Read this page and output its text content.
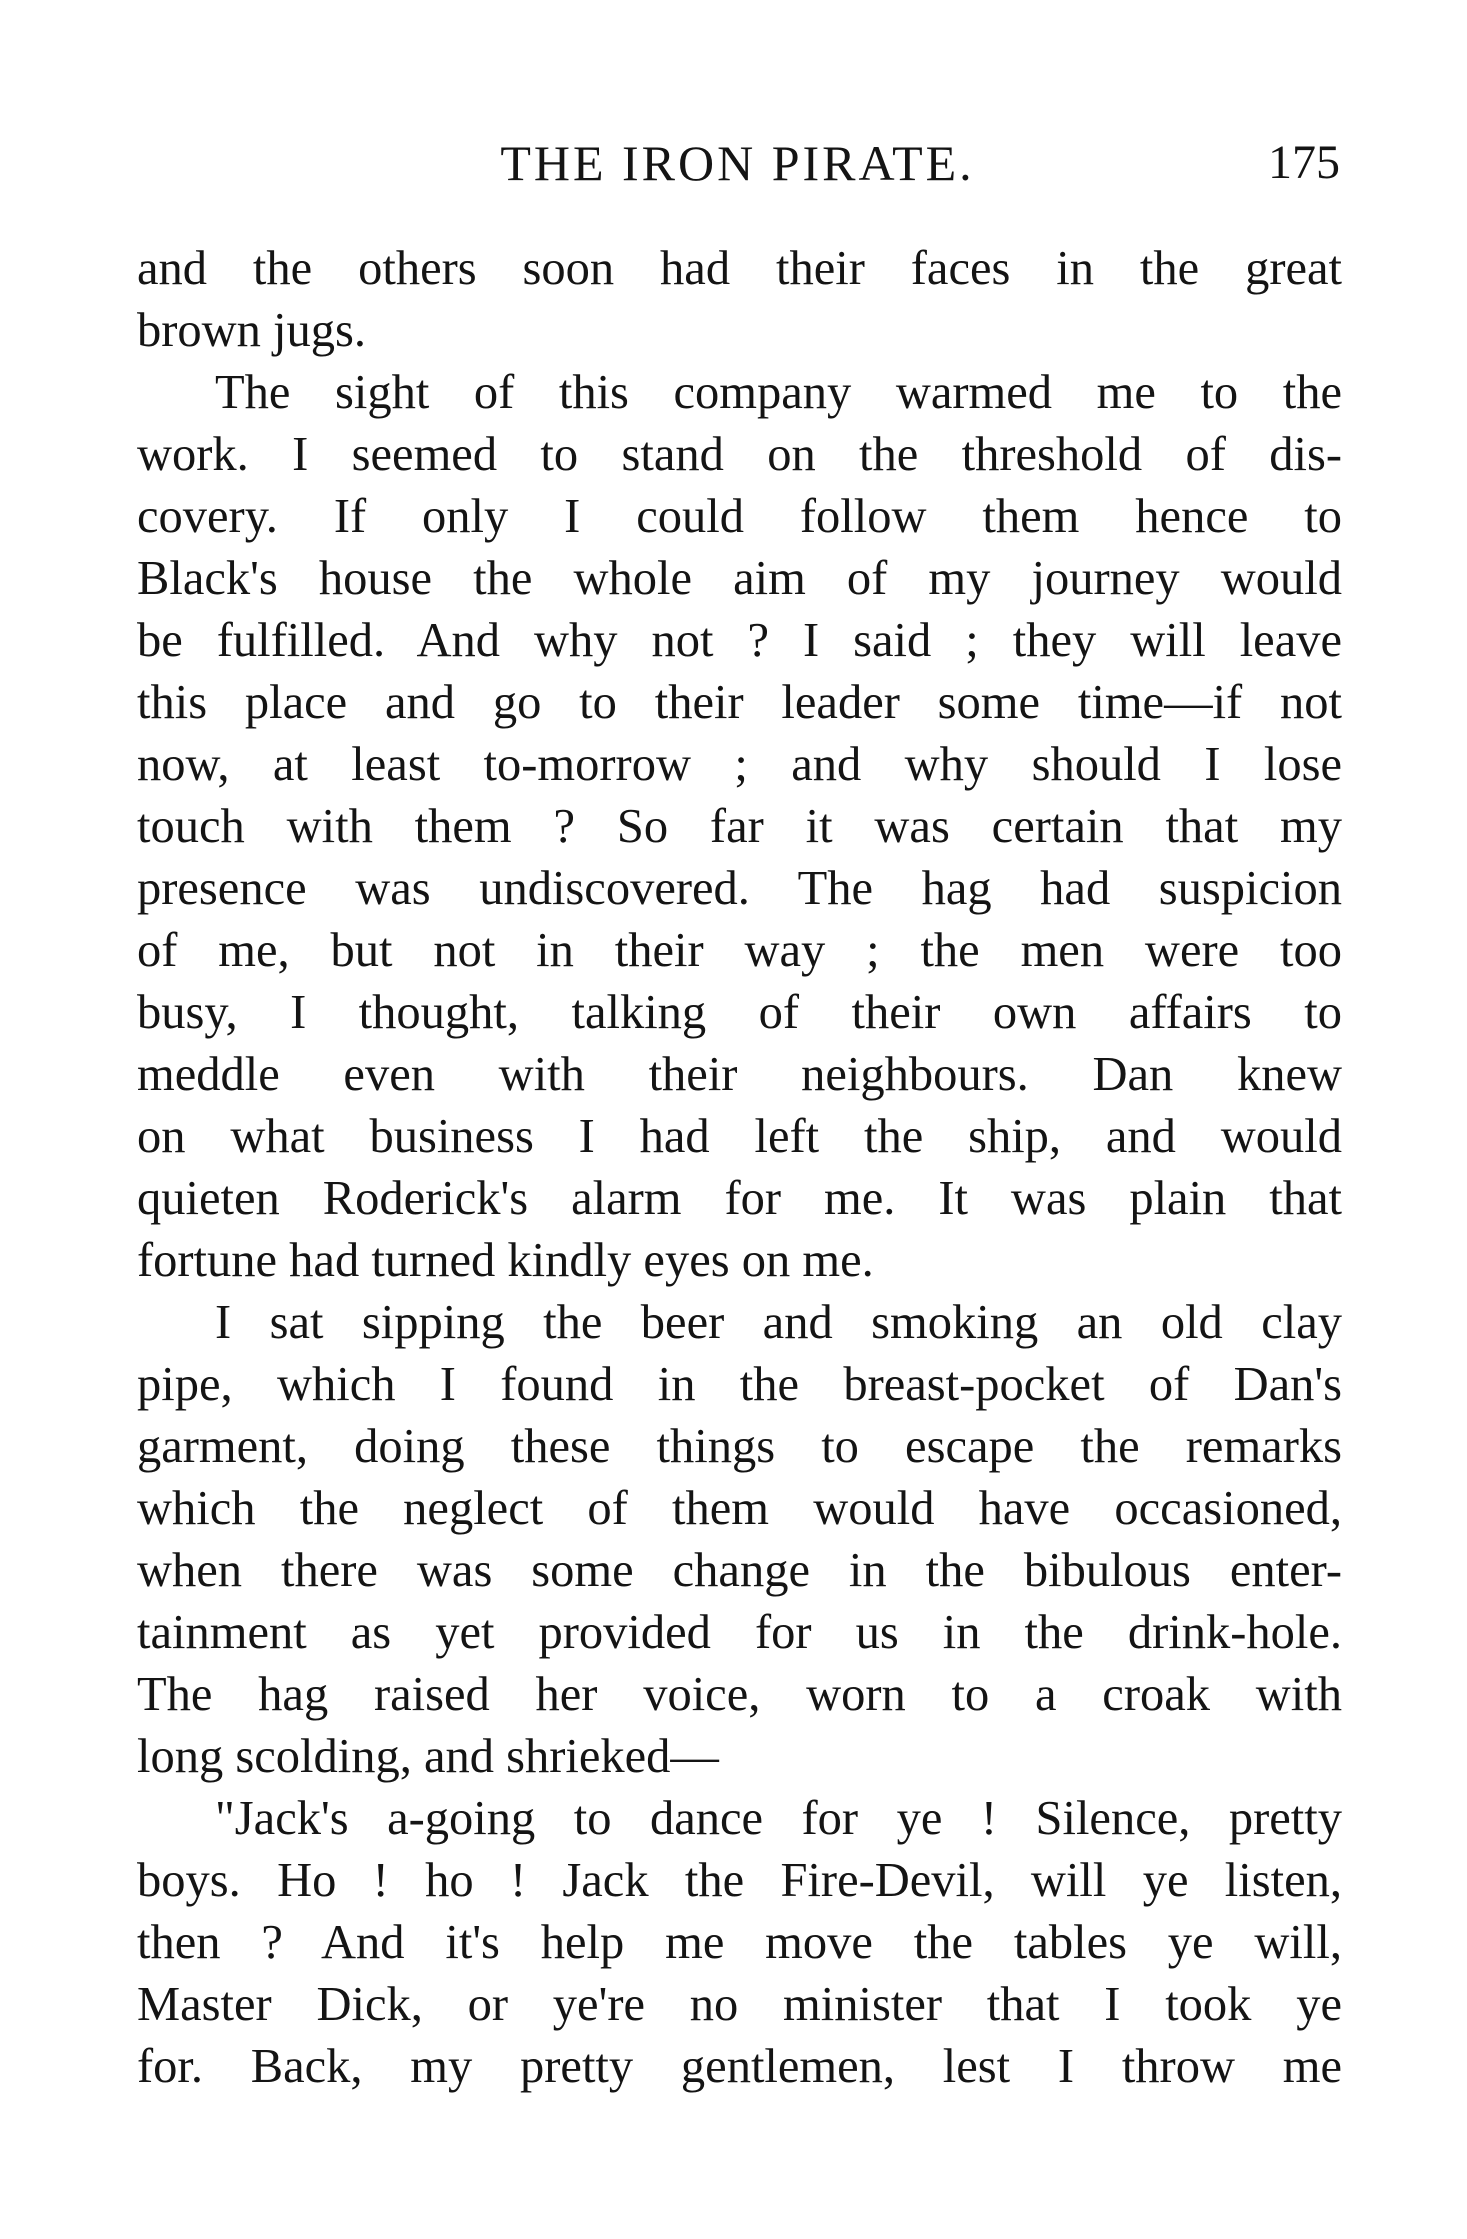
THE IRON PIRATE.	175
and the others soon had their faces in the great
brown jugs.
The sight of this company warmed me to the
work. I seemed to stand on the threshold of dis-
covery. If only I could follow them hence to
Black's house the whole aim of my journey would
be fulfilled. And why not ? I said ; they will leave
this place and go to their leader some time—if not
now, at least to-morrow ; and why should I lose
touch with them ? So far it was certain that my
presence was undiscovered. The hag had suspicion
of me, but not in their way ; the men were too
busy, I thought, talking of their own affairs to
meddle even with their neighbours. Dan knew
on what business I had left the ship, and would
quieten Roderick's alarm for me. It was plain that
fortune had turned kindly eyes on me.
I sat sipping the beer and smoking an old clay
pipe, which I found in the breast-pocket of Dan's
garment, doing these things to escape the remarks
which the neglect of them would have occasioned,
when there was some change in the bibulous enter-
tainment as yet provided for us in the drink-hole.
The hag raised her voice, worn to a croak with
long scolding, and shrieked—
"Jack's a-going to dance for ye ! Silence, pretty
boys. Ho ! ho ! Jack the Fire-Devil, will ye listen,
then ? And it's help me move the tables ye will,
Master Dick, or ye're no minister that I took ye
for. Back, my pretty gentlemen, lest I throw me
